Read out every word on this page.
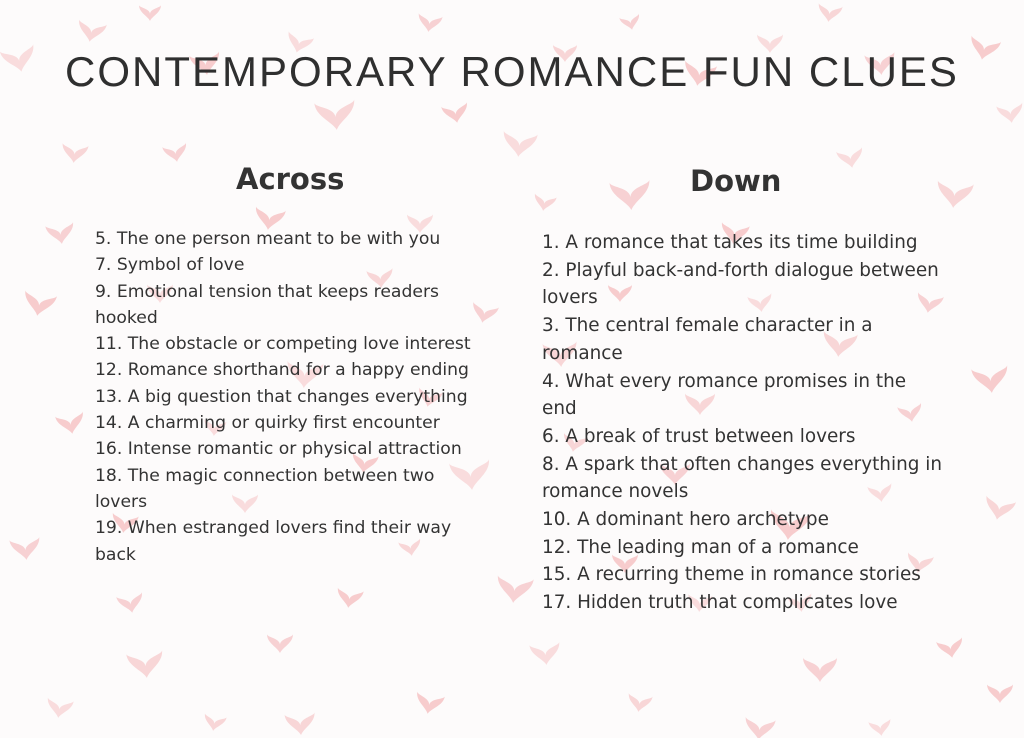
CONTEMPORARY ROMANCE FUN CLUES
Across
5. The one person meant to be with you
7. Symbol of love
9. Emotional tension that keeps readers hooked
11. The obstacle or competing love interest
12. Romance shorthand for a happy ending
13. A big question that changes everything
14. A charming or quirky first encounter
16. Intense romantic or physical attraction
18. The magic connection between two lovers
19. When estranged lovers find their way back
Down
1. A romance that takes its time building
2. Playful back-and-forth dialogue between lovers
3. The central female character in a romance
4. What every romance promises in the end
6. A break of trust between lovers
8. A spark that often changes everything in romance novels
10. A dominant hero archetype
12. The leading man of a romance
15. A recurring theme in romance stories
17. Hidden truth that complicates love
